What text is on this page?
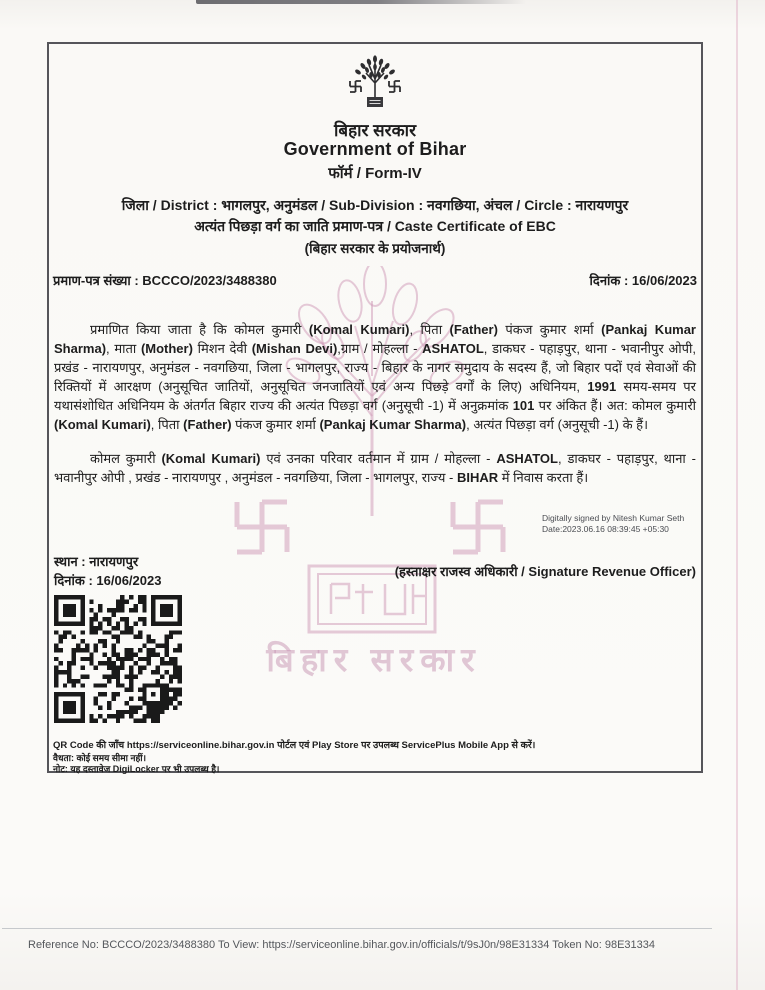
बिहार सरकार
बिहार सरकार
Government of Bihar
फॉर्म / Form-IV
जिला / District : भागलपुर, अनुमंडल / Sub-Division : नवगछिया, अंचल / Circle : नारायणपुर
अत्यंत पिछड़ा वर्ग का जाति प्रमाण-पत्र / Caste Certificate of EBC
(बिहार सरकार के प्रयोजनार्थ)
प्रमाण-पत्र संख्या : BCCCO/2023/3488380	दिनांक : 16/06/2023

प्रमाणित किया जाता है कि कोमल कुमारी (Komal Kumari), पिता (Father) पंकज कुमार शर्मा (Pankaj Kumar Sharma), माता (Mother) मिशन देवी (Mishan Devi),ग्राम / मोहल्ला - ASHATOL, डाकघर - पहाड़पुर, थाना - भवानीपुर ओपी, प्रखंड - नारायणपुर, अनुमंडल - नवगछिया, जिला - भागलपुर, राज्य - बिहार के नागर समुदाय के सदस्य हैं, जो बिहार पदों एवं सेवाओं की रिक्तियों में आरक्षण (अनुसूचित जातियों, अनुसूचित जनजातियों एवं अन्य पिछड़े वर्गों के लिए) अधिनियम, 1991 समय-समय पर यथासंशोधित अधिनियम के अंतर्गत बिहार राज्य की अत्यंत पिछड़ा वर्ग (अनुसूची -1) में अनुक्रमांक 101 पर अंकित हैं। अत: कोमल कुमारी (Komal Kumari), पिता (Father) पंकज कुमार शर्मा (Pankaj Kumar Sharma), अत्यंत पिछड़ा वर्ग (अनुसूची -1) के हैं।

कोमल कुमारी (Komal Kumari) एवं उनका परिवार वर्तमान में ग्राम / मोहल्ला - ASHATOL, डाकघर - पहाड़पुर, थाना - भवानीपुर ओपी , प्रखंड - नारायणपुर , अनुमंडल - नवगछिया, जिला - भागलपुर, राज्य - BIHAR में निवास करता हैं।

Digitally signed by Nitesh Kumar Seth
Date:2023.06.16 08:39:45 +05:30
स्थान : नारायणपुर
दिनांक : 16/06/2023
(हस्ताक्षर राजस्व अधिकारी / Signature Revenue Officer)
QR Code की जाँच https://serviceonline.bihar.gov.in पोर्टल एवं Play Store पर उपलब्ध ServicePlus Mobile App से करें।
वैधता: कोई समय सीमा नहीं।
नोट: यह दस्तावेज DigiLocker पर भी उपलब्ध है।
Reference No: BCCCO/2023/3488380 To View: https://serviceonline.bihar.gov.in/officials/t/9sJ0n/98E31334 Token No: 98E31334
